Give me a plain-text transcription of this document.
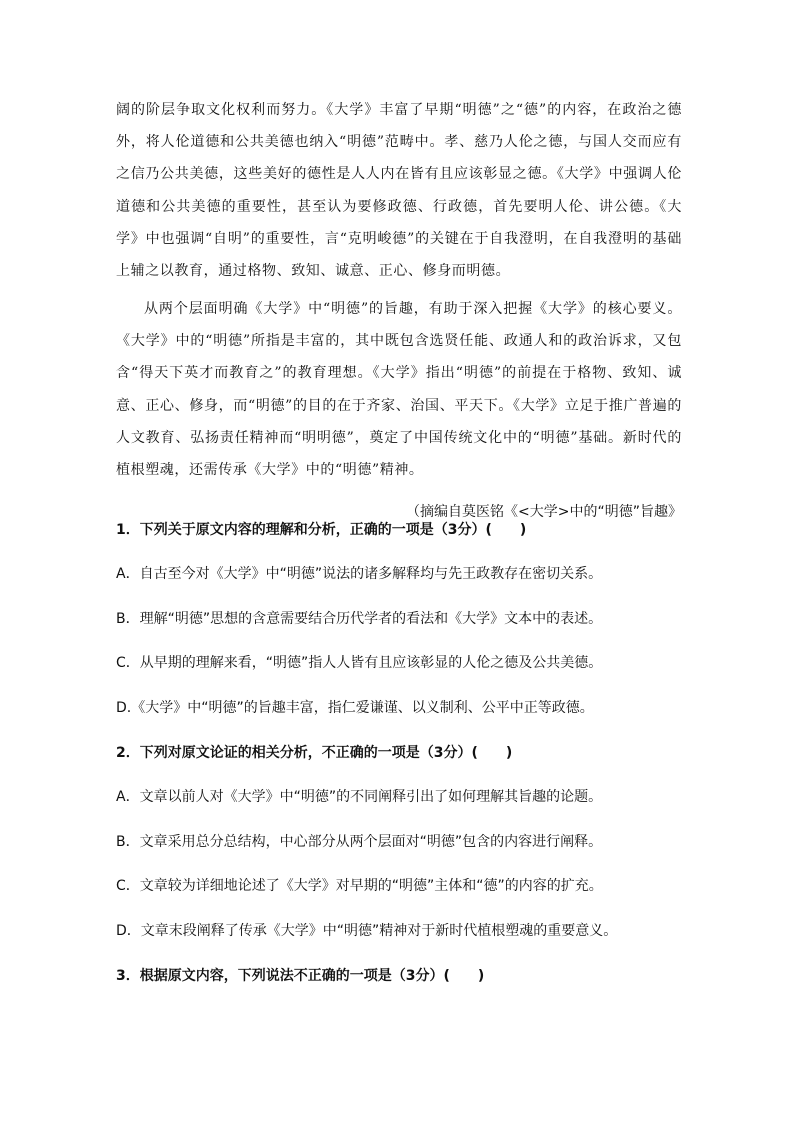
阔的阶层争取文化权利而努力。《大学》丰富了早期“明德”之“德”的内容，在政治之德外，将人伦道德和公共美德也纳入“明德”范畴中。孝、慈乃人伦之德，与国人交而应有之信乃公共美德，这些美好的德性是人人内在皆有且应该彰显之德。《大学》中强调人伦道德和公共美德的重要性，甚至认为要修政德、行政德，首先要明人伦、讲公德。《大学》中也强调“自明”的重要性，言“克明峻德”的关键在于自我澄明，在自我澄明的基础上辅之以教育，通过格物、致知、诚意、正心、修身而明德。

从两个层面明确《大学》中“明德”的旨趣，有助于深入把握《大学》的核心要义。《大学》中的“明德”所指是丰富的，其中既包含选贤任能、政通人和的政治诉求，又包含“得天下英才而教育之”的教育理想。《大学》指出“明德”的前提在于格物、致知、诚意、正心、修身，而“明德”的目的在于齐家、治国、平天下。《大学》立足于推广普遍的人文教育、弘扬责任精神而“明明德”，奠定了中国传统文化中的“明德”基础。新时代的植根塑魂，还需传承《大学》中的“明德”精神。

（摘编自莫医铭《<大学>中的“明德”旨趣》

1．下列关于原文内容的理解和分析，正确的一项是（3分）(　　)

A．自古至今对《大学》中“明德”说法的诸多解释均与先王政教存在密切关系。

B．理解“明德”思想的含意需要结合历代学者的看法和《大学》文本中的表述。

C．从早期的理解来看，“明德”指人人皆有且应该彰显的人伦之德及公共美德。

D.《大学》中“明德”的旨趣丰富，指仁爱谦谨、以义制利、公平中正等政德。

2．下列对原文论证的相关分析，不正确的一项是（3分）(　　)

A．文章以前人对《大学》中“明德”的不同阐释引出了如何理解其旨趣的论题。

B．文章采用总分总结构，中心部分从两个层面对“明德”包含的内容进行阐释。

C．文章较为详细地论述了《大学》对早期的“明德”主体和“德”的内容的扩充。

D．文章末段阐释了传承《大学》中“明德”精神对于新时代植根塑魂的重要意义。

3．根据原文内容，下列说法不正确的一项是（3分）(　　)
